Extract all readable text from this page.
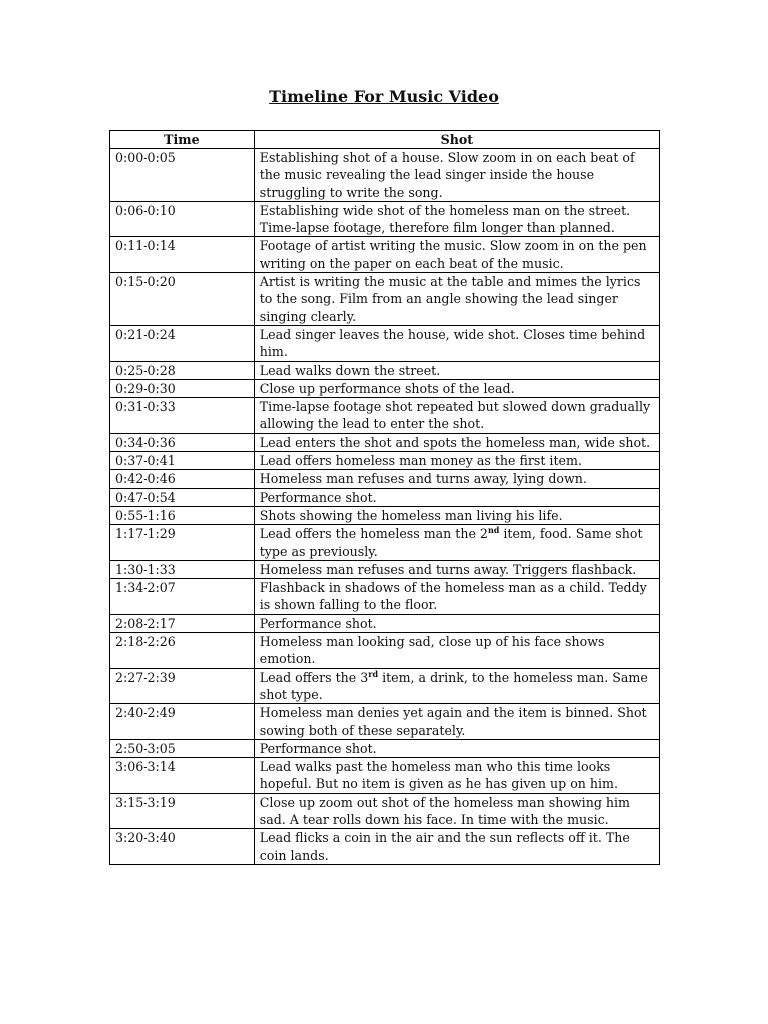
Timeline For Music Video
Time	Shot
0:00-0:05	Establishing shot of a house. Slow zoom in on each beat of the music revealing the lead singer inside the house struggling to write the song.
0:06-0:10	Establishing wide shot of the homeless man on the street. Time-lapse footage, therefore film longer than planned.
0:11-0:14	Footage of artist writing the music. Slow zoom in on the pen writing on the paper on each beat of the music.
0:15-0:20	Artist is writing the music at the table and mimes the lyrics to the song. Film from an angle showing the lead singer singing clearly.
0:21-0:24	Lead singer leaves the house, wide shot. Closes time behind him.
0:25-0:28	Lead walks down the street.
0:29-0:30	Close up performance shots of the lead.
0:31-0:33	Time-lapse footage shot repeated but slowed down gradually allowing the lead to enter the shot.
0:34-0:36	Lead enters the shot and spots the homeless man, wide shot.
0:37-0:41	Lead offers homeless man money as the first item.
0:42-0:46	Homeless man refuses and turns away, lying down.
0:47-0:54	Performance shot.
0:55-1:16	Shots showing the homeless man living his life.
1:17-1:29	Lead offers the homeless man the 2nd item, food. Same shot type as previously.
1:30-1:33	Homeless man refuses and turns away. Triggers flashback.
1:34-2:07	Flashback in shadows of the homeless man as a child. Teddy is shown falling to the floor.
2:08-2:17	Performance shot.
2:18-2:26	Homeless man looking sad, close up of his face shows emotion.
2:27-2:39	Lead offers the 3rd item, a drink, to the homeless man. Same shot type.
2:40-2:49	Homeless man denies yet again and the item is binned. Shot sowing both of these separately.
2:50-3:05	Performance shot.
3:06-3:14	Lead walks past the homeless man who this time looks hopeful. But no item is given as he has given up on him.
3:15-3:19	Close up zoom out shot of the homeless man showing him sad. A tear rolls down his face. In time with the music.
3:20-3:40	Lead flicks a coin in the air and the sun reflects off it. The coin lands.
